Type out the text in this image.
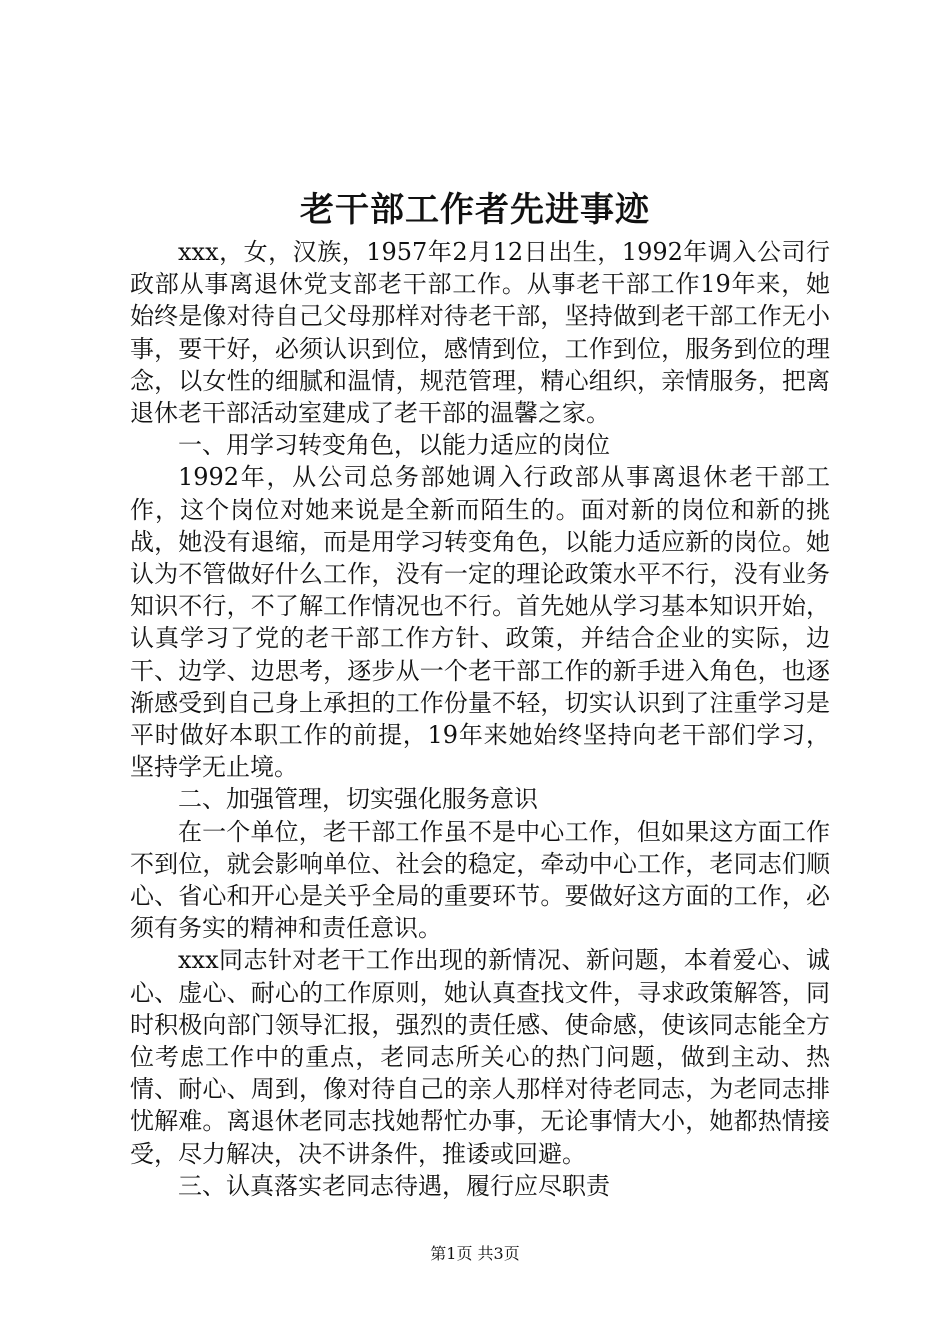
老干部工作者先进事迹

xxx，女，汉族，1957年2月12日出生，1992年调入公司行政部从事离退休党支部老干部工作。从事老干部工作19年来，她始终是像对待自己父母那样对待老干部，坚持做到老干部工作无小事，要干好，必须认识到位，感情到位，工作到位，服务到位的理念，以女性的细腻和温情，规范管理，精心组织，亲情服务，把离退休老干部活动室建成了老干部的温馨之家。

一、用学习转变角色，以能力适应的岗位

1992年，从公司总务部她调入行政部从事离退休老干部工作，这个岗位对她来说是全新而陌生的。面对新的岗位和新的挑战，她没有退缩，而是用学习转变角色，以能力适应新的岗位。她认为不管做好什么工作，没有一定的理论政策水平不行，没有业务知识不行，不了解工作情况也不行。首先她从学习基本知识开始，认真学习了党的老干部工作方针、政策，并结合企业的实际，边干、边学、边思考，逐步从一个老干部工作的新手进入角色，也逐渐感受到自己身上承担的工作份量不轻，切实认识到了注重学习是平时做好本职工作的前提，19年来她始终坚持向老干部们学习，坚持学无止境。

二、加强管理，切实强化服务意识

在一个单位，老干部工作虽不是中心工作，但如果这方面工作不到位，就会影响单位、社会的稳定，牵动中心工作，老同志们顺心、省心和开心是关乎全局的重要环节。要做好这方面的工作，必须有务实的精神和责任意识。

xxx同志针对老干工作出现的新情况、新问题，本着爱心、诚心、虚心、耐心的工作原则，她认真查找文件，寻求政策解答，同时积极向部门领导汇报，强烈的责任感、使命感，使该同志能全方位考虑工作中的重点，老同志所关心的热门问题，做到主动、热情、耐心、周到，像对待自己的亲人那样对待老同志，为老同志排忧解难。离退休老同志找她帮忙办事，无论事情大小，她都热情接受，尽力解决，决不讲条件，推诿或回避。

三、认真落实老同志待遇，履行应尽职责

第1页 共3页
